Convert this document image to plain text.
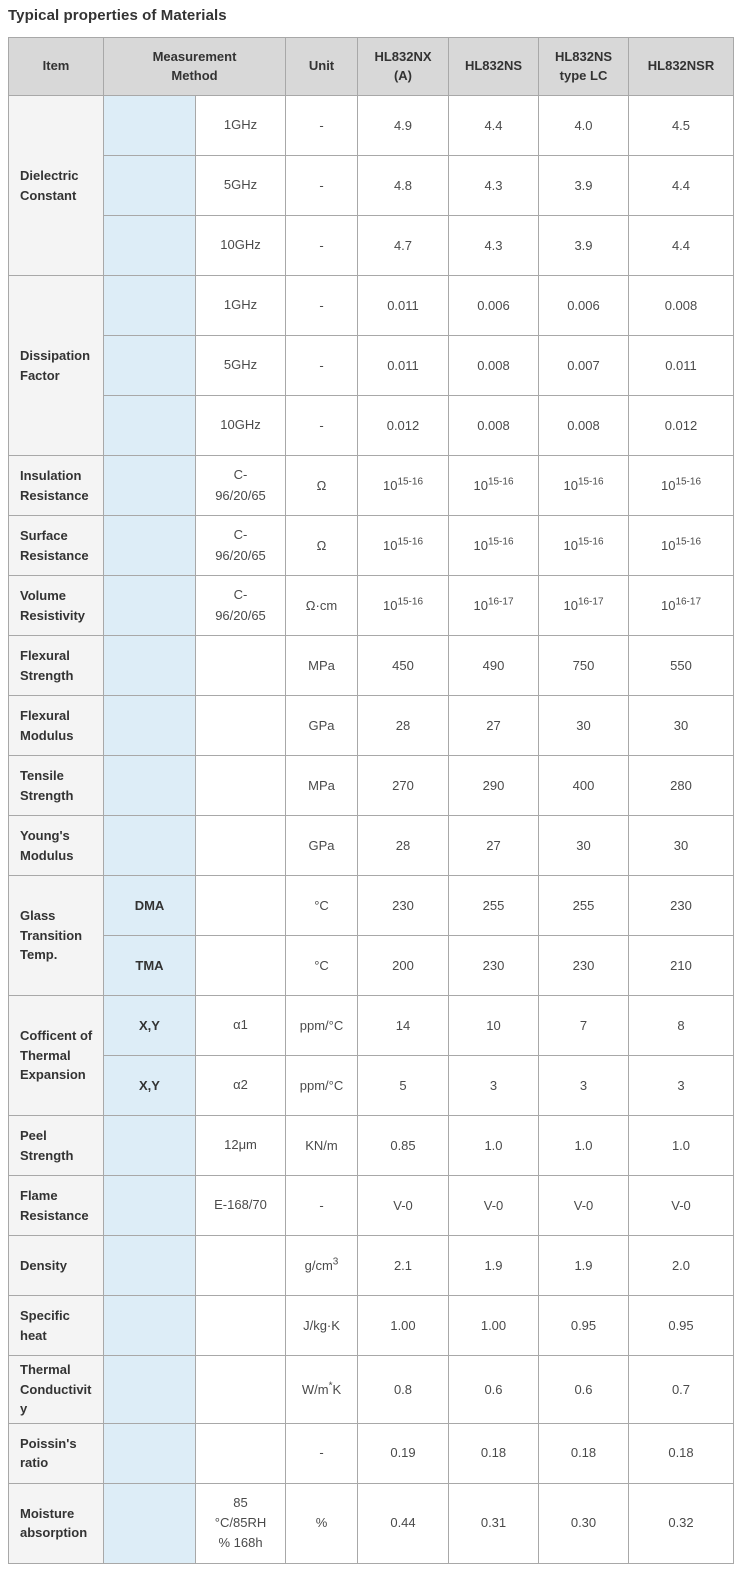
Typical properties of Materials
Item	Measurement Method		Unit	HL832NX (A)	HL832NS	HL832NS type LC	HL832NSR
Dielectric Constant		1GHz	-	4.9	4.4	4.0	4.5
		5GHz	-	4.8	4.3	3.9	4.4
		10GHz	-	4.7	4.3	3.9	4.4
Dissipation Factor		1GHz	-	0.011	0.006	0.006	0.008
		5GHz	-	0.011	0.008	0.007	0.011
		10GHz	-	0.012	0.008	0.008	0.012
Insulation Resistance		C-96/20/65	Ω	10$^{15-16}$	10$^{15-16}$	10$^{15-16}$	10$^{15-16}$
Surface Resistance		C-96/20/65	Ω	10$^{15-16}$	10$^{15-16}$	10$^{15-16}$	10$^{15-16}$
Volume Resistivity		C-96/20/65	Ω·cm	10$^{15-16}$	10$^{16-17}$	10$^{16-17}$	10$^{16-17}$
Flexural Strength			MPa	450	490	750	550
Flexural Modulus			GPa	28	27	30	30
Tensile Strength			MPa	270	290	400	280
Young's Modulus			GPa	28	27	30	30
Glass Transition Temp.	DMA		°C	230	255	255	230
	TMA		°C	200	230	230	210
Cofficent of Thermal Expansion	X,Y	α1	ppm/°C	14	10	7	8
	X,Y	α2	ppm/°C	5	3	3	3
Peel Strength		12μm	KN/m	0.85	1.0	1.0	1.0
Flame Resistance		E-168/70	-	V-0	V-0	V-0	V-0
Density			$g/cm^3$	2.1	1.9	1.9	2.0
Specific heat			J/kg·K	1.00	1.00	0.95	0.95
Thermal Conductivity			W/m*K	0.8	0.6	0.6	0.7
Poissin's ratio			-	0.19	0.18	0.18	0.18
Moisture absorption		85 °C/85RH% 168h	%	0.44	0.31	0.30	0.32
